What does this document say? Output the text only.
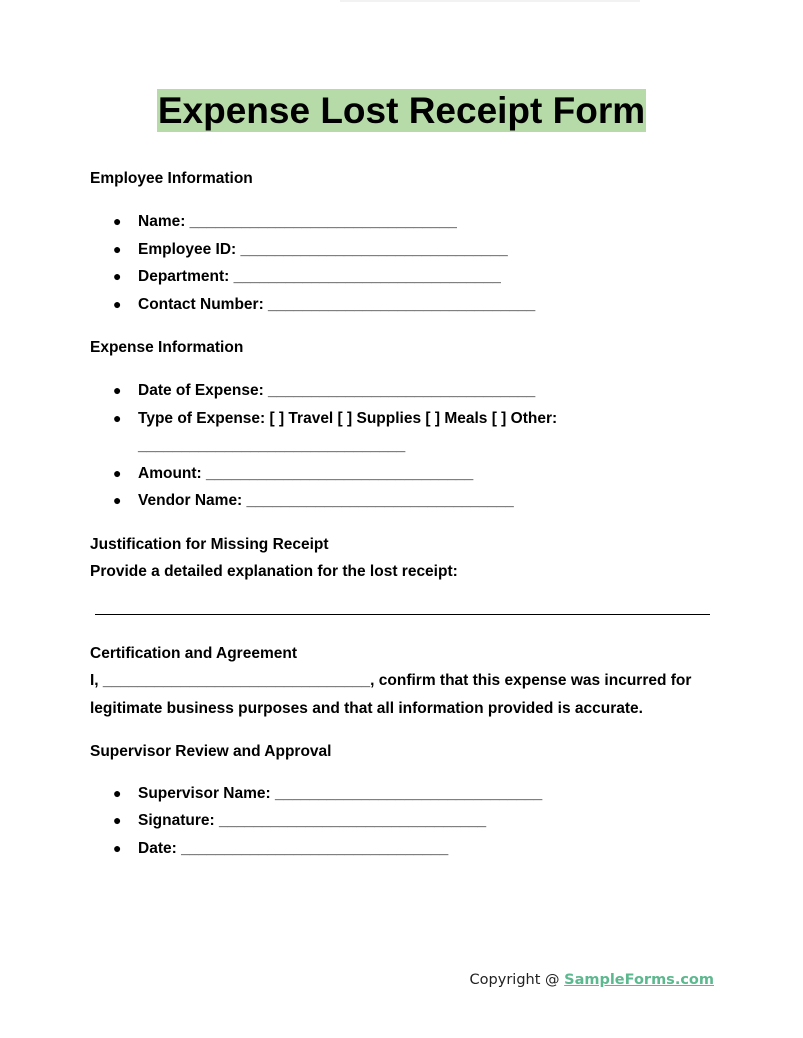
Expense Lost Receipt Form

Employee Information

● Name: _______________________________
● Employee ID: _______________________________
● Department: _______________________________
● Contact Number: _______________________________

Expense Information

● Date of Expense: _______________________________
● Type of Expense: [ ] Travel [ ] Supplies [ ] Meals [ ] Other: _______________________________
● Amount: _______________________________
● Vendor Name: _______________________________

Justification for Missing Receipt

Provide a detailed explanation for the lost receipt:

Certification and Agreement

I, _______________________________, confirm that this expense was incurred for legitimate business purposes and that all information provided is accurate.

Supervisor Review and Approval

● Supervisor Name: _______________________________
● Signature: _______________________________
● Date: _______________________________
Copyright @ SampleForms.com
